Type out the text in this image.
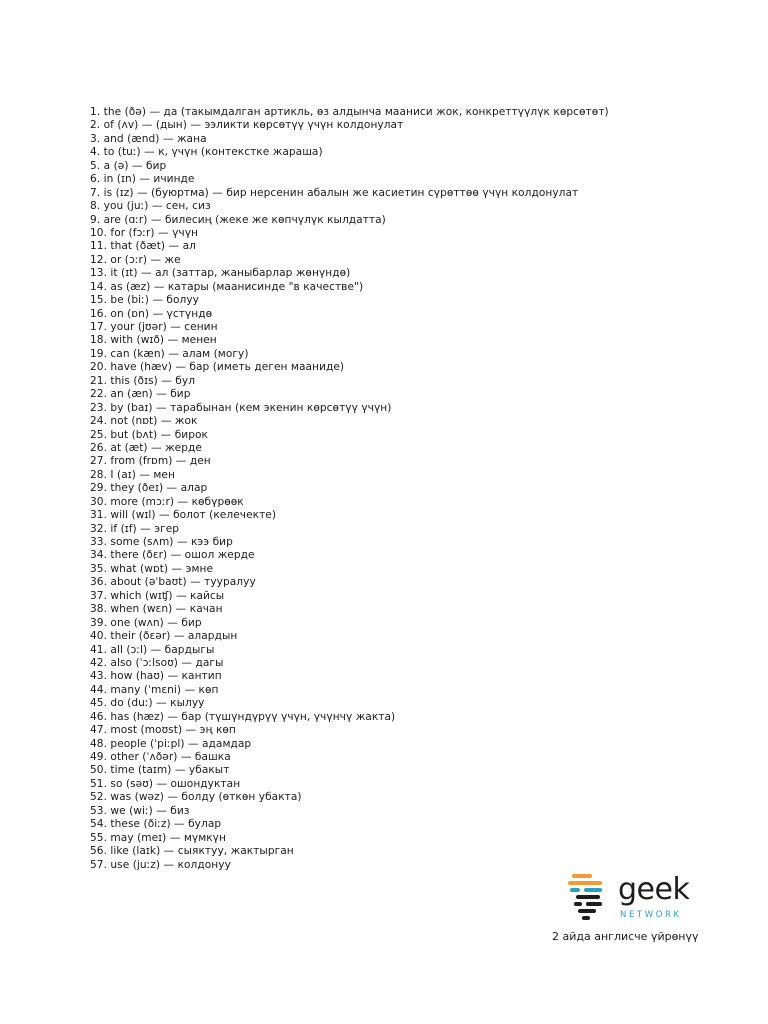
1. the (ðə) — да (такымдалган артикль, өз алдынча мааниси жок, конкреттүүлүк көрсөтөт)
2. of (ʌv) — (дын) — ээликти көрсөтүү үчүн колдонулат
3. and (ænd) — жана
4. to (tuː) — к, үчүн (контекстке жараша)
5. a (ə) — бир
6. in (ɪn) — ичинде
7. is (ɪz) — (буюртма) — бир нерсенин абалын же касиетин сүрөттөө үчүн колдонулат
8. you (juː) — сен, сиз
9. are (ɑːr) — билесиң (жеке же көпчүлүк кылдатта)
10. for (fɔːr) — үчүн
11. that (ðæt) — ал
12. or (ɔːr) — же
13. it (ɪt) — ал (заттар, жаныбарлар жөнүндө)
14. as (æz) — катары (маанисинде "в качестве")
15. be (biː) — болуу
16. on (ɒn) — үстүндө
17. your (jʊər) — сенин
18. with (wɪð) — менен
19. can (kæn) — алам (могу)
20. have (hæv) — бар (иметь деген мааниде)
21. this (ðɪs) — бул
22. an (æn) — бир
23. by (baɪ) — тарабынан (кем экенин көрсөтүү үчүн)
24. not (nɒt) — жок
25. but (bʌt) — бирок
26. at (æt) — жерде
27. from (frɒm) — ден
28. I (aɪ) — мен
29. they (ðeɪ) — алар
30. more (mɔːr) — көбүрөөк
31. will (wɪl) — болот (келечекте)
32. if (ɪf) — эгер
33. some (sʌm) — кээ бир
34. there (ðɛr) — ошол жерде
35. what (wɒt) — эмне
36. about (əˈbaʊt) — тууралуу
37. which (wɪʧ) — кайсы
38. when (wɛn) — качан
39. one (wʌn) — бир
40. their (ðɛər) — алардын
41. all (ɔːl) — бардыгы
42. also (ˈɔːlsoʊ) — дагы
43. how (haʊ) — кантип
44. many (ˈmɛni) — көп
45. do (duː) — кылуу
46. has (hæz) — бар (түшүндүрүү үчүн, үчүнчү жакта)
47. most (moʊst) — эң көп
48. people (ˈpiːpl) — адамдар
49. other (ˈʌðər) — башка
50. time (taɪm) — убакыт
51. so (səʊ) — ошондуктан
52. was (wəz) — болду (өткөн убакта)
53. we (wiː) — биз
54. these (ðiːz) — булар
55. may (meɪ) — мүмкүн
56. like (laɪk) — сыяктуу, жактырган
57. use (juːz) — колдонуу
geek
NETWORK
2 айда англисче үйрөнүү
